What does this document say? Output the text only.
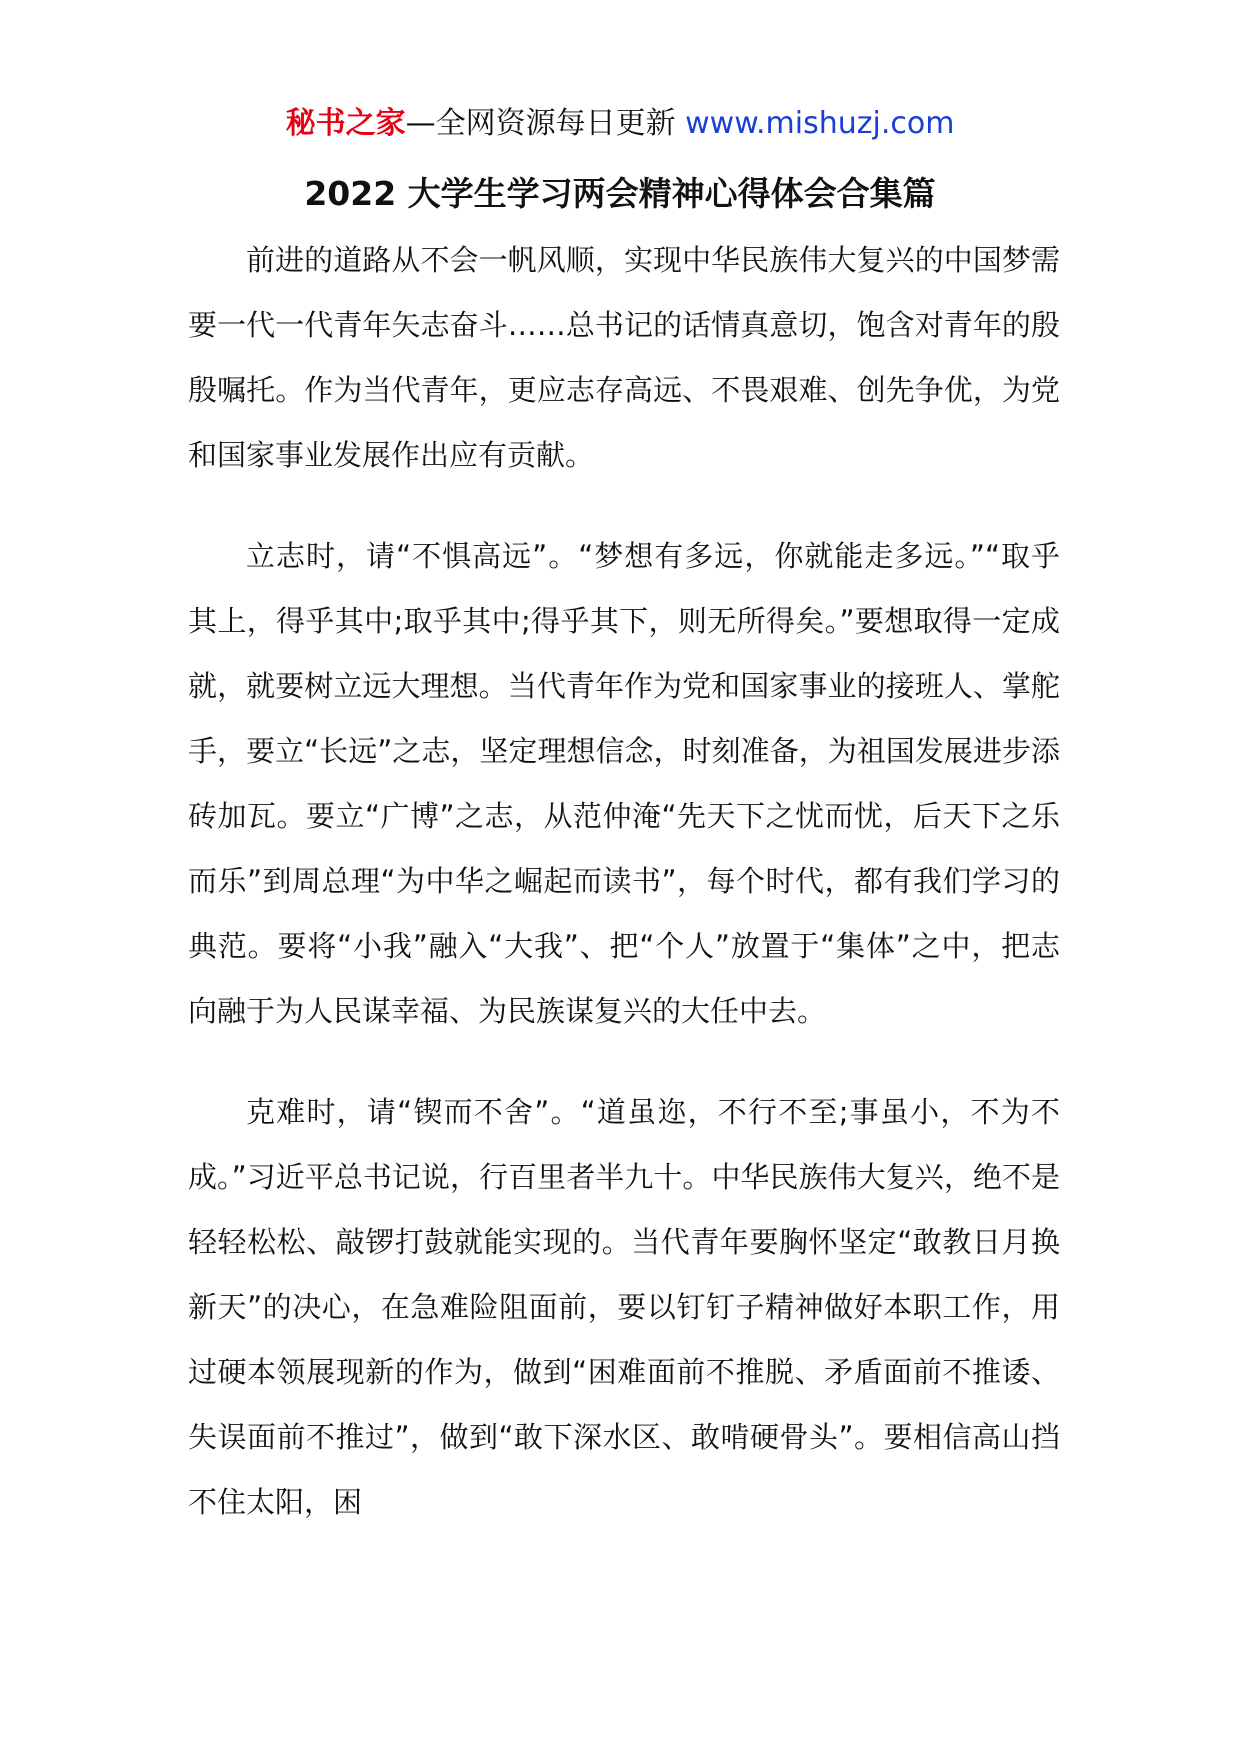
秘书之家—全网资源每日更新 www.mishuzj.com
2022 大学生学习两会精神心得体会合集篇

前进的道路从不会一帆风顺，实现中华民族伟大复兴的中国梦需要一代一代青年矢志奋斗……总书记的话情真意切，饱含对青年的殷殷嘱托。作为当代青年，更应志存高远、不畏艰难、创先争优，为党和国家事业发展作出应有贡献。

立志时，请“不惧高远”。“梦想有多远，你就能走多远。”“取乎其上，得乎其中;取乎其中;得乎其下，则无所得矣。”要想取得一定成就，就要树立远大理想。当代青年作为党和国家事业的接班人、掌舵手，要立“长远”之志，坚定理想信念，时刻准备，为祖国发展进步添砖加瓦。要立“广博”之志，从范仲淹“先天下之忧而忧，后天下之乐而乐”到周总理“为中华之崛起而读书”，每个时代，都有我们学习的典范。要将“小我”融入“大我”、把“个人”放置于“集体”之中，把志向融于为人民谋幸福、为民族谋复兴的大任中去。

克难时，请“锲而不舍”。“道虽迩，不行不至;事虽小，不为不成。”习近平总书记说，行百里者半九十。中华民族伟大复兴，绝不是轻轻松松、敲锣打鼓就能实现的。当代青年要胸怀坚定“敢教日月换新天”的决心，在急难险阻面前，要以钉钉子精神做好本职工作，用过硬本领展现新的作为，做到“困难面前不推脱、矛盾面前不推诿、失误面前不推过”，做到“敢下深水区、敢啃硬骨头”。要相信高山挡不住太阳，困
